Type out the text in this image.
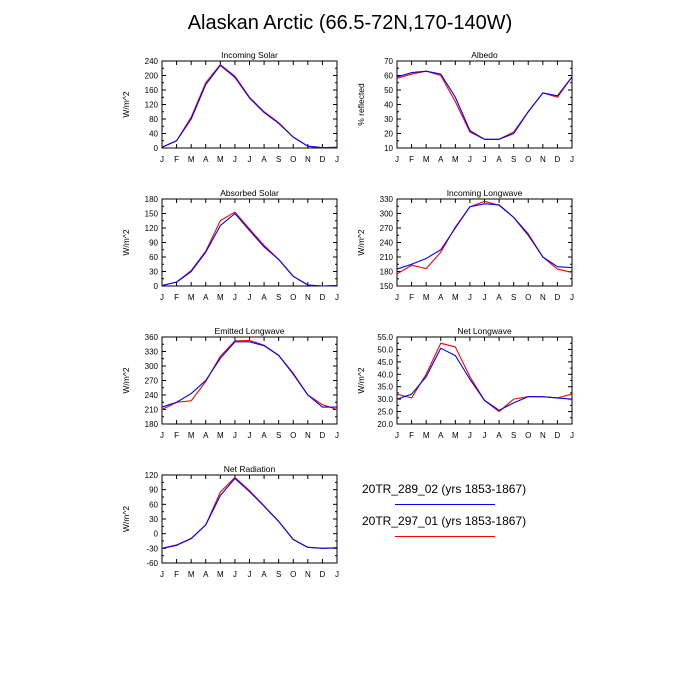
Alaskan Arctic (66.5-72N,170-140W)
J F M A M J J A S O N D J
0
40
80
120
160
200
240
Incoming Solar
W/m^2
J F M A M J J A S O N D J
10
20
30
40
50
60
70
Albedo
% reflected
J F M A M J J A S O N D J
0
30
60
90
120
150
180
Absorbed Solar
W/m^2
J F M A M J J A S O N D J
150
180
210
240
270
300
330
Incoming Longwave
W/m^2
J F M A M J J A S O N D J
180
210
240
270
300
330
360
Emitted Longwave
W/m^2
J F M A M J J A S O N D J
20.0
25.0
30.0
35.0
40.0
45.0
50.0
55.0
Net Longwave
W/m^2
J F M A M J J A S O N D J
-60
-30
0
30
60
90
120
Net Radiation
W/m^2
20TR_289_02 (yrs 1853-1867)
20TR_297_01 (yrs 1853-1867)
